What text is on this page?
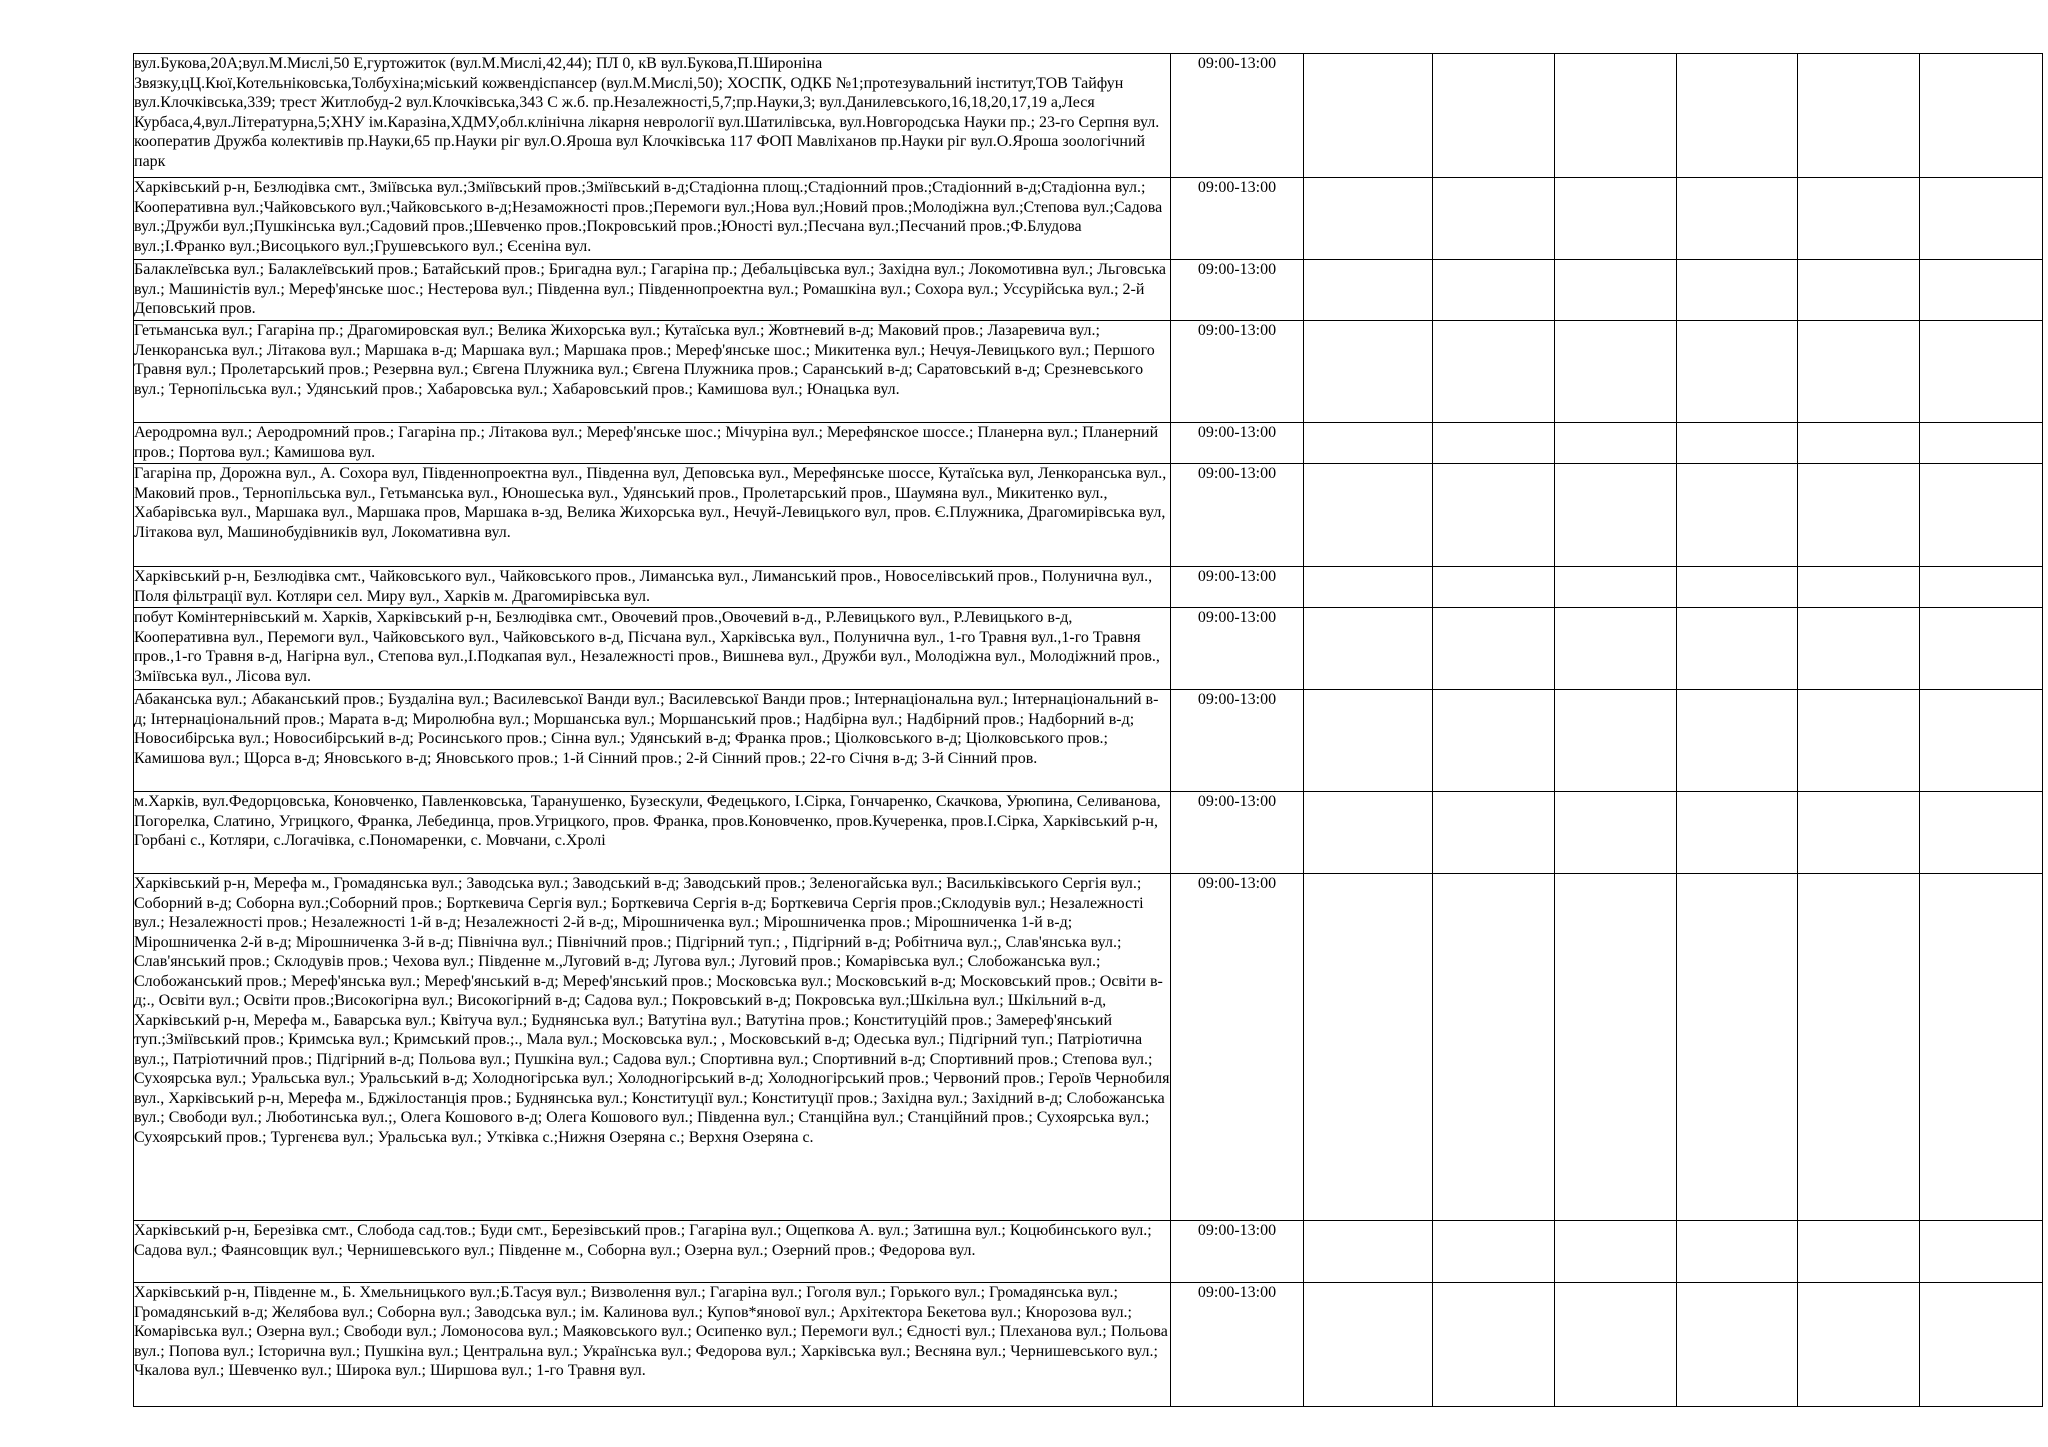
вул.Букова,20А;вул.М.Мислі,50 Е,гуртожиток (вул.М.Мислі,42,44); ПЛ 0, кВ вул.Букова,П.Широніна Звязку,цЦ.Кюї,Котельніковська,Толбухіна;міський кожвендіспансер (вул.М.Мислі,50); ХОСПК, ОДКБ №1;протезувальний інститут,ТОВ Тайфун вул.Клочківська,339; трест Житлобуд-2 вул.Клочківська,343 С ж.б. пр.Незалежності,5,7;пр.Науки,3; вул.Данилевського,16,18,20,17,19 а,Леся Курбаса,4,вул.Літературна,5;ХНУ ім.Каразіна,ХДМУ,обл.клінічна лікарня неврології вул.Шатилівська, вул.Новгородська Науки пр.; 23-го Серпня вул. кооператив Дружба колективів пр.Науки,65 пр.Науки ріг вул.О.Яроша вул Клочківська 117 ФОП Мавліханов пр.Науки ріг вул.О.Яроша зоологічний парк	09:00-13:00						
Харківський р-н, Безлюдівка смт., Зміївська вул.;Зміївський пров.;Зміївський в-д;Стадіонна площ.;Стадіонний пров.;Стадіонний в-д;Стадіонна вул.; Кооперативна вул.;Чайковського вул.;Чайковського в-д;Незаможності пров.;Перемоги вул.;Нова вул.;Новий пров.;Молодіжна вул.;Степова вул.;Садова вул.;Дружби вул.;Пушкінська вул.;Садовий пров.;Шевченко пров.;Покровський пров.;Юності вул.;Песчана вул.;Песчаний пров.;Ф.Блудова вул.;І.Франко вул.;Висоцького вул.;Грушевського вул.; Єсеніна вул.	09:00-13:00						
Балаклеївська вул.; Балаклеївський пров.; Батайський пров.; Бригадна вул.; Гагаріна пр.; Дебальцівська вул.; Західна вул.; Локомотивна вул.; Льговська вул.; Машиністів вул.; Мереф'янське шос.; Нестерова вул.; Південна вул.; Південнопроектна вул.; Ромашкіна вул.; Сохора вул.; Уссурійська вул.; 2-й Деповський пров.	09:00-13:00						
Гетьманська вул.; Гагаріна пр.; Драгомировская вул.; Велика Жихорська вул.; Кутаїська вул.; Жовтневий в-д; Маковий пров.; Лазаревича вул.; Ленкоранська вул.; Літакова вул.; Маршака в-д; Маршака вул.; Маршака пров.; Мереф'янське шос.; Микитенка вул.; Нечуя-Левицького вул.; Першого Травня вул.; Пролетарський пров.; Резервна вул.; Євгена Плужника вул.; Євгена Плужника пров.; Саранський в-д; Саратовський в-д; Срезневського вул.; Тернопільська вул.; Удянський пров.; Хабаровська вул.; Хабаровський пров.; Камишова вул.; Юнацька вул.	09:00-13:00						
Аеродромна вул.; Аеродромний пров.; Гагаріна пр.; Літакова вул.; Мереф'янське шос.; Мічуріна вул.; Мерефянское шоссе.; Планерна вул.; Планерний пров.; Портова вул.; Камишова вул.	09:00-13:00						
Гагаріна пр, Дорожна вул., А. Сохора вул, Південнопроектна вул., Південна вул, Деповська вул., Мерефянське шоссе, Кутаїська вул, Ленкоранська вул., Маковий пров., Тернопільська вул., Гетьманська вул., Юношеська вул., Удянський пров., Пролетарський пров., Шаумяна вул., Микитенко вул., Хабарівська вул., Маршака вул., Маршака пров, Маршака в-зд, Велика Жихорська вул., Нечуй-Левицького вул, пров. Є.Плужника, Драгомирівська вул, Літакова вул, Машинобудівників вул, Локомативна вул.	09:00-13:00						
Харківський р-н, Безлюдівка смт., Чайковського вул., Чайковського пров., Лиманська вул., Лиманський пров., Новоселівський пров., Полунична вул., Поля фільтрації вул. Котляри сел. Миру вул., Харків м. Драгомирівська вул.	09:00-13:00						
побут Комінтернівський м. Харків, Харківський р-н, Безлюдівка смт., Овочевий пров.,Овочевий в-д., Р.Левицького вул., Р.Левицького в-д, Кооперативна вул., Перемоги вул., Чайковського вул., Чайковського в-д, Пісчана вул., Харківська вул., Полунична вул., 1-го Травня вул.,1-го Травня пров.,1-го Травня в-д, Нагірна вул., Степова вул.,І.Подкапая вул., Незалежності пров., Вишнева вул., Дружби вул., Молодіжна вул., Молодіжний пров., Зміївська вул., Лісова вул.	09:00-13:00						
Абаканська вул.; Абаканський пров.; Буздаліна вул.; Василевської Ванди вул.; Василевської Ванди пров.; Інтернаціональна вул.; Інтернаціональний в-д; Інтернаціональний пров.; Марата в-д; Миролюбна вул.; Моршанська вул.; Моршанський пров.; Надбірна вул.; Надбірний пров.; Надборний в-д; Новосибірська вул.; Новосибірський в-д; Росинського пров.; Сінна вул.; Удянський в-д; Франка пров.; Ціолковського в-д; Ціолковського пров.; Камишова вул.; Щорса в-д; Яновського в-д; Яновського пров.; 1-й Сінний пров.; 2-й Сінний пров.; 22-го Січня в-д; 3-й Сінний пров.	09:00-13:00						
м.Харків, вул.Федорцовська, Коновченко, Павленковська, Таранушенко, Бузескули, Федецького, І.Сірка, Гончаренко, Скачкова, Урюпина, Селиванова, Погорелка, Слатино, Угрицкого, Франка, Лебединца, пров.Угрицкого, пров. Франка, пров.Коновченко, пров.Кучеренка, пров.І.Сірка, Харківський р-н, Горбані с., Котляри, с.Логачівка, с.Пономаренки, с. Мовчани, с.Хролі	09:00-13:00						
Харківський р-н, Мерефа м., Громадянська вул.; Заводська вул.; Заводський в-д; Заводський пров.; Зеленогайська вул.; Васильківського Сергія вул.; Соборний в-д; Соборна вул.;Соборний пров.; Борткевича Сергія вул.; Борткевича Сергія в-д; Борткевича Сергія пров.;Склодувів вул.; Незалежності вул.; Незалежності пров.; Незалежності 1-й в-д; Незалежності 2-й в-д;, Мірошниченка вул.; Мірошниченка пров.; Мірошниченка 1-й в-д; Мірошниченка 2-й в-д; Мірошниченка 3-й в-д; Північна вул.; Північний пров.; Підгірний туп.; , Підгірний в-д; Робітнича вул.;, Слав'янська вул.; Слав'янський пров.; Склодувів пров.; Чехова вул.; Південне м.,Луговий в-д; Лугова вул.; Луговий пров.; Комарівська вул.; Слобожанська вул.; Слобожанський пров.; Мереф'янська вул.; Мереф'янський в-д; Мереф'янський пров.; Московська вул.; Московський в-д; Московський пров.; Освіти в-д;., Освіти вул.; Освіти пров.;Високогірна вул.; Високогірний в-д; Садова вул.; Покровський в-д; Покровська вул.;Шкільна вул.; Шкільний в-д, Харківський р-н, Мерефа м., Баварська вул.; Квітуча вул.; Буднянська вул.; Ватутіна вул.; Ватутіна пров.; Конституційй пров.; Замереф'янський туп.;Зміївський пров.; Кримська вул.; Кримський пров.;., Мала вул.; Московська вул.; , Московський в-д; Одеська вул.; Підгірний туп.; Патріотична вул.;, Патріотичний пров.; Підгірний в-д; Польова вул.; Пушкіна вул.; Садова вул.; Спортивна вул.; Спортивний в-д; Спортивний пров.; Степова вул.; Сухоярська вул.; Уральська вул.; Уральський в-д; Холодногірська вул.; Холодногірський в-д; Холодногірський пров.; Червоний пров.; Героїв Чернобиля вул., Харківський р-н, Мерефа м., Бджілостанція пров.; Буднянська вул.; Конституції вул.; Конституції пров.; Західна вул.; Західний в-д; Слобожанська вул.; Свободи вул.; Люботинська вул.;, Олега Кошового в-д; Олега Кошового вул.; Південна вул.; Станційна вул.; Станційний пров.; Сухоярська вул.; Сухоярський пров.; Тургенєва вул.; Уральська вул.; Утківка с.;Нижня Озеряна с.; Верхня Озеряна с.	09:00-13:00						
Харківський р-н, Березівка смт., Слобода сад.тов.; Буди смт., Березівський пров.; Гагаріна вул.; Ощепкова А. вул.; Затишна вул.; Коцюбинського вул.; Садова вул.; Фаянсовщик вул.; Чернишевського вул.; Південне м., Соборна вул.; Озерна вул.; Озерний пров.; Федорова вул.	09:00-13:00						
Харківський р-н, Південне м., Б. Хмельницького вул.;Б.Тасуя вул.; Визволення вул.; Гагаріна вул.; Гоголя вул.; Горького вул.; Громадянська вул.; Громадянський в-д; Желябова вул.; Соборна вул.; Заводська вул.; ім. Калинова вул.; Купов*янової вул.; Архітектора Бекетова вул.; Кнорозова вул.; Комарівська вул.; Озерна вул.; Свободи вул.; Ломоносова вул.; Маяковського вул.; Осипенко вул.; Перемоги вул.; Єдності вул.; Плеханова вул.; Польова вул.; Попова вул.; Історична вул.; Пушкіна вул.; Центральна вул.; Українська вул.; Федорова вул.; Харківська вул.; Весняна вул.; Чернишевського вул.; Чкалова вул.; Шевченко вул.; Широка вул.; Ширшова вул.; 1-го Травня вул.	09:00-13:00						
